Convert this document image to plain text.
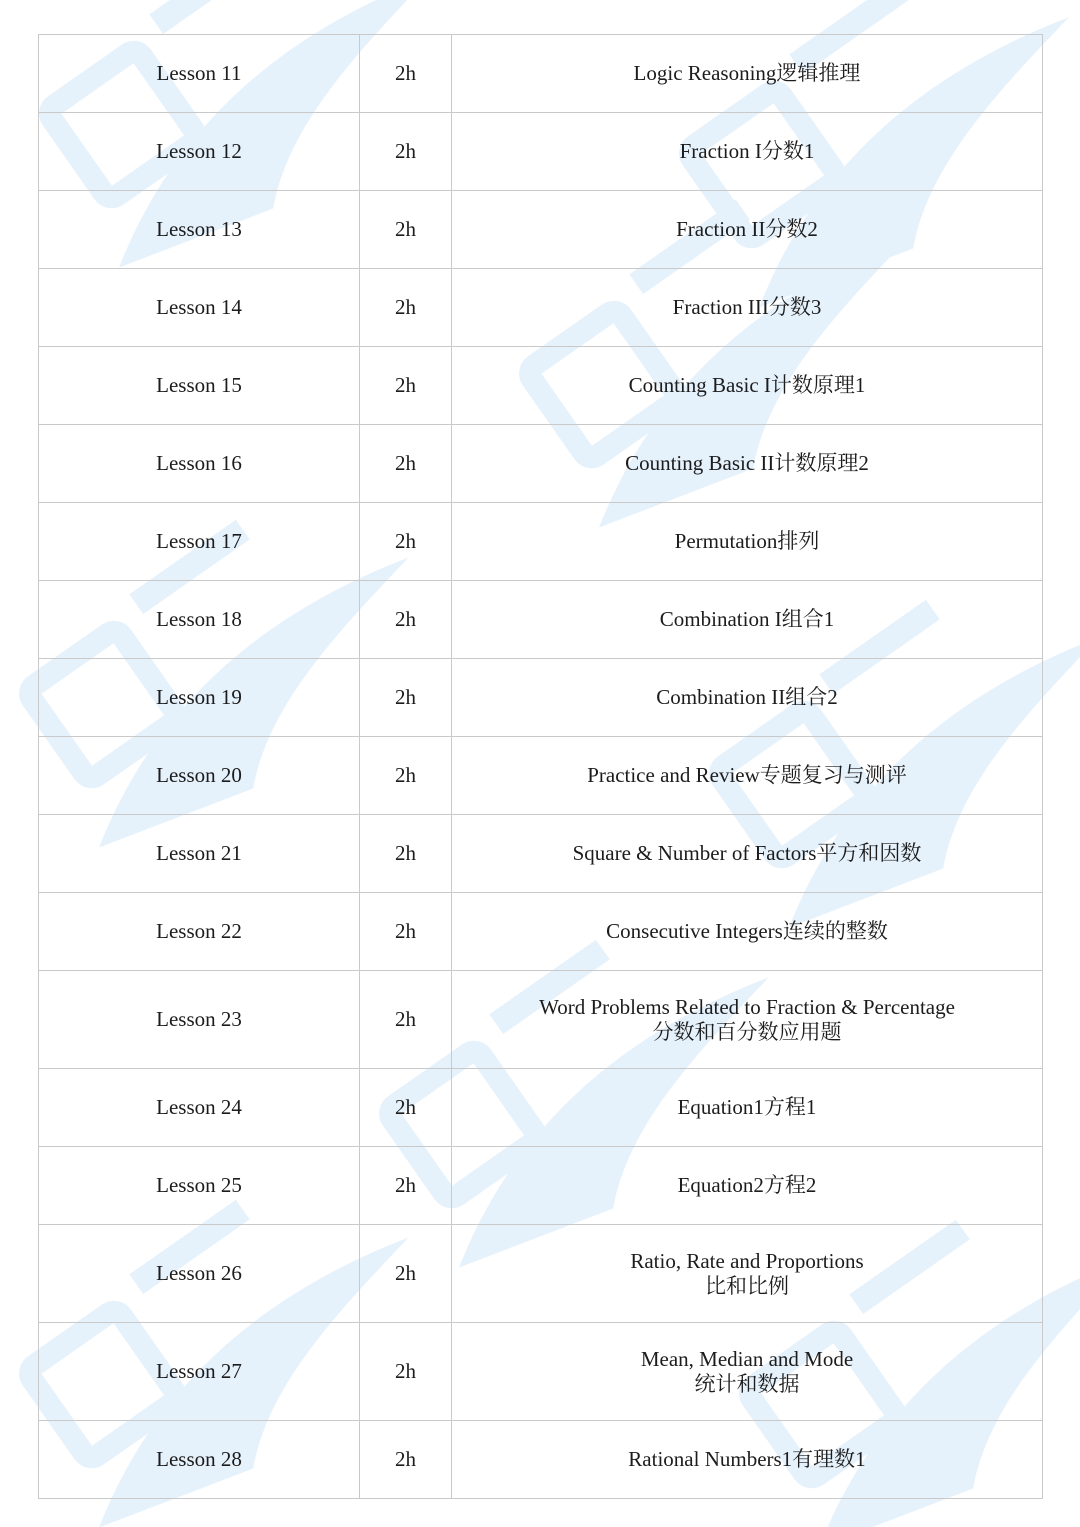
Lesson 11	2h	Logic Reasoning逻辑推理

Lesson 12	2h	Fraction I分数1

Lesson 13	2h	Fraction II分数2

Lesson 14	2h	Fraction III分数3

Lesson 15	2h	Counting Basic I计数原理1

Lesson 16	2h	Counting Basic II计数原理2

Lesson 17	2h	Permutation排列

Lesson 18	2h	Combination I组合1

Lesson 19	2h	Combination II组合2

Lesson 20	2h	Practice and Review专题复习与测评

Lesson 21	2h	Square & Number of Factors平方和因数

Lesson 22	2h	Consecutive Integers连续的整数

Lesson 23	2h	Word Problems Related to Fraction & Percentage
分数和百分数应用题

Lesson 24	2h	Equation1方程1

Lesson 25	2h	Equation2方程2

Lesson 26	2h	Ratio, Rate and Proportions
比和比例

Lesson 27	2h	Mean, Median and Mode
统计和数据

Lesson 28	2h	Rational Numbers1有理数1
